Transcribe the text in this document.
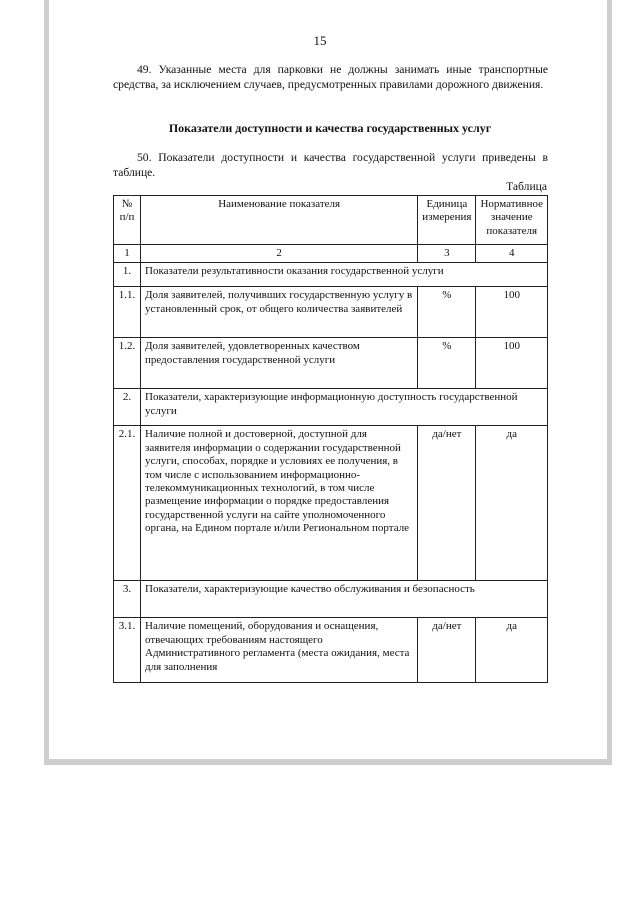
15
49. Указанные места для парковки не должны занимать иные транспортные средства, за исключением случаев, предусмотренных правилами дорожного движения.
Показатели доступности и качества государственных услуг
50. Показатели доступности и качества государственной услуги приведены в таблице.
Таблица
№ п/п	Наименование показателя	Единица измерения	Нормативное значение показателя
1	2	3	4
1.	Показатели результативности оказания государственной услуги		
1.1.	Доля заявителей, получивших государственную услугу в установленный срок, от общего количества заявителей	%	100
1.2.	Доля заявителей, удовлетворенных качеством предоставления государственной услуги	%	100
2.	Показатели, характеризующие информационную доступность государственной услуги		
2.1.	Наличие полной и достоверной, доступной для заявителя информации о содержании государственной услуги, способах, порядке и условиях ее получения, в том числе с использованием информационно-телекоммуникационных технологий, в том числе размещение информации о порядке предоставления государственной услуги на сайте уполномоченного органа, на Едином портале и/или Региональном портале	да/нет	да
3.	Показатели, характеризующие качество обслуживания и безопасность		
3.1.	Наличие помещений, оборудования и оснащения, отвечающих требованиям настоящего Административного регламента (места ожидания, места для заполнения	да/нет	да
